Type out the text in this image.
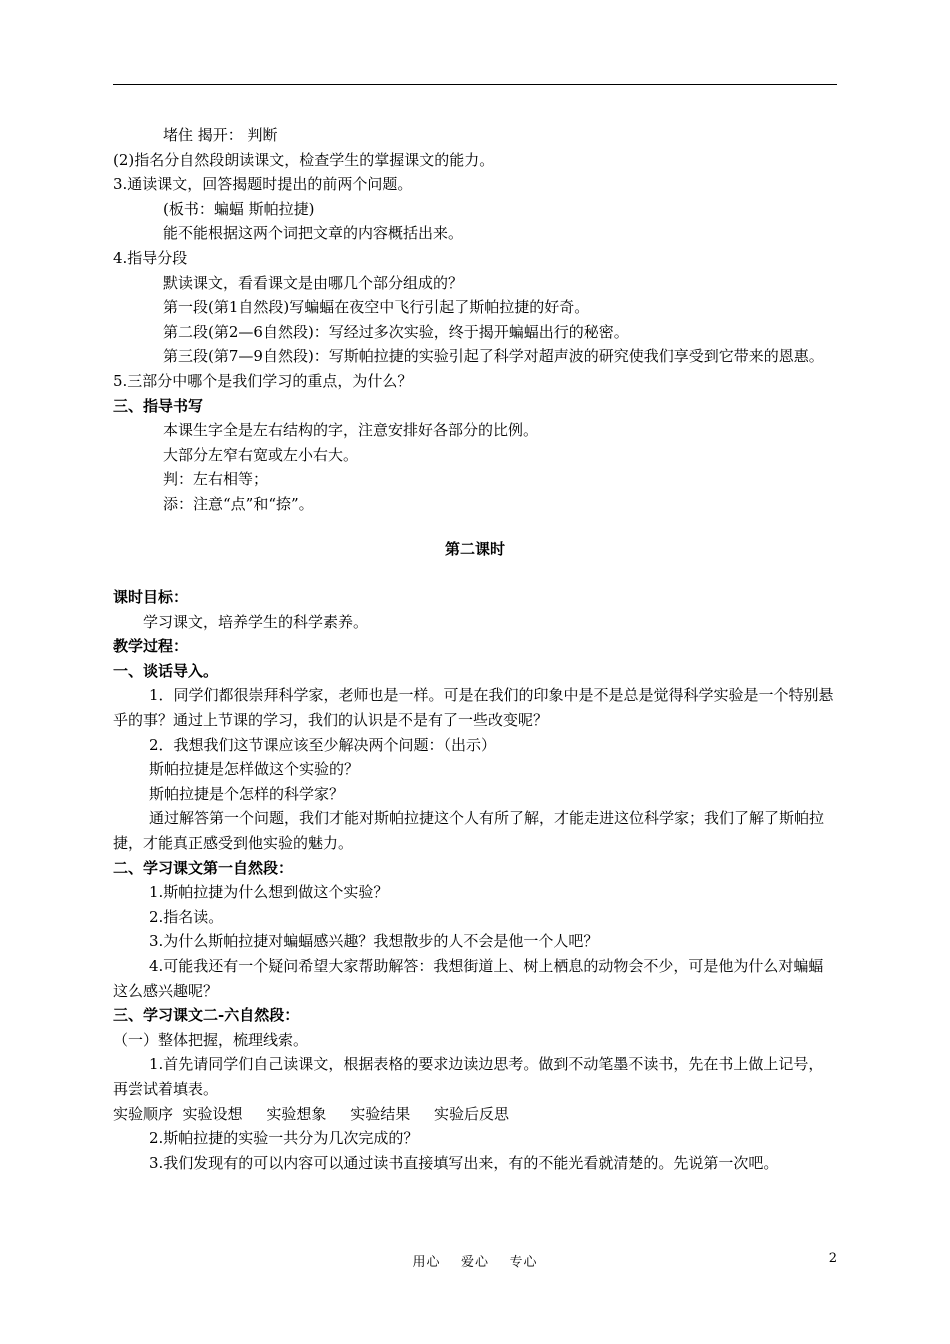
堵住 揭开： 判断

(2)指名分自然段朗读课文，检查学生的掌握课文的能力。

3.通读课文，回答揭题时提出的前两个问题。

(板书：蝙蝠 斯帕拉捷)

能不能根据这两个词把文章的内容概括出来。

4.指导分段

默读课文，看看课文是由哪几个部分组成的？

第一段(第1自然段)写蝙蝠在夜空中飞行引起了斯帕拉捷的好奇。

第二段(第2—6自然段)：写经过多次实验，终于揭开蝙蝠出行的秘密。

第三段(第7—9自然段)：写斯帕拉捷的实验引起了科学对超声波的研究使我们享受到它带来的恩惠。

5.三部分中哪个是我们学习的重点，为什么？

三、指导书写

本课生字全是左右结构的字，注意安排好各部分的比例。

大部分左窄右宽或左小右大。

判：左右相等；

添：注意“点”和“捺”。

第二课时

课时目标：

学习课文，培养学生的科学素养。

教学过程：

一、谈话导入。

1．同学们都很崇拜科学家，老师也是一样。可是在我们的印象中是不是总是觉得科学实验是一个特别悬乎的事？通过上节课的学习，我们的认识是不是有了一些改变呢？

2．我想我们这节课应该至少解决两个问题：（出示）

斯帕拉捷是怎样做这个实验的？

斯帕拉捷是个怎样的科学家？

通过解答第一个问题，我们才能对斯帕拉捷这个人有所了解，才能走进这位科学家；我们了解了斯帕拉捷，才能真正感受到他实验的魅力。

二、学习课文第一自然段：

1.斯帕拉捷为什么想到做这个实验？

2.指名读。

3.为什么斯帕拉捷对蝙蝠感兴趣？我想散步的人不会是他一个人吧？

4.可能我还有一个疑问希望大家帮助解答：我想街道上、树上栖息的动物会不少，可是他为什么对蝙蝠这么感兴趣呢？

三、学习课文二-六自然段：

（一）整体把握，梳理线索。

1.首先请同学们自己读课文，根据表格的要求边读边思考。做到不动笔墨不读书，先在书上做上记号，再尝试着填表。

实验顺序  实验设想     实验想象     实验结果     实验后反思

2.斯帕拉捷的实验一共分为几次完成的？

3.我们发现有的可以内容可以通过读书直接填写出来，有的不能光看就清楚的。先说第一次吧。

用心    爱心    专心	2
